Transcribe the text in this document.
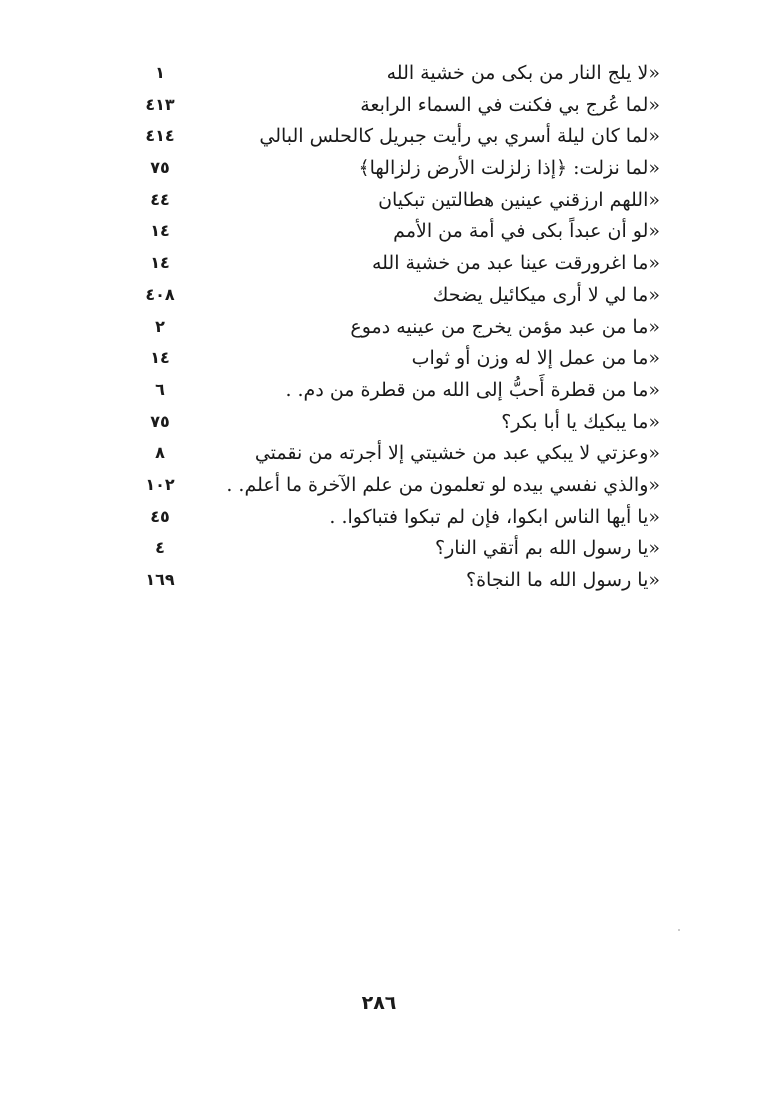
«لا يلج النار من بكى من خشية الله
١
«لما عُرج بي فكنت في السماء الرابعة
٤١٣
«لما كان ليلة أسري بي رأيت جبريل كالحلس البالي
٤١٤
«لما نزلت: ﴿إذا زلزلت الأرض زلزالها﴾
٧٥
«اللهم ارزقني عينين هطالتين تبكيان
٤٤
«لو أن عبداً بكى في أمة من الأمم
١٤
«ما اغرورقت عينا عبد من خشية الله
١٤
«ما لي لا أرى ميكائيل يضحك
٤٠٨
«ما من عبد مؤمن يخرج من عينيه دموع
٢
«ما من عمل إلا له وزن أو ثواب
١٤
«ما من قطرة أَحبُّ إلى الله من قطرة من دم. .
٦
«ما يبكيك يا أبا بكر؟
٧٥
«وعزتي لا يبكي عبد من خشيتي إلا أجرته من نقمتي
٨
«والذي نفسي بيده لو تعلمون من علم الآخرة ما أعلم. .
١٠٢
«يا أيها الناس ابكوا، فإن لم تبكوا فتباكوا. .
٤٥
«يا رسول الله بم أتقي النار؟
٤
«يا رسول الله ما النجاة؟
١٦٩
٢٨٦
